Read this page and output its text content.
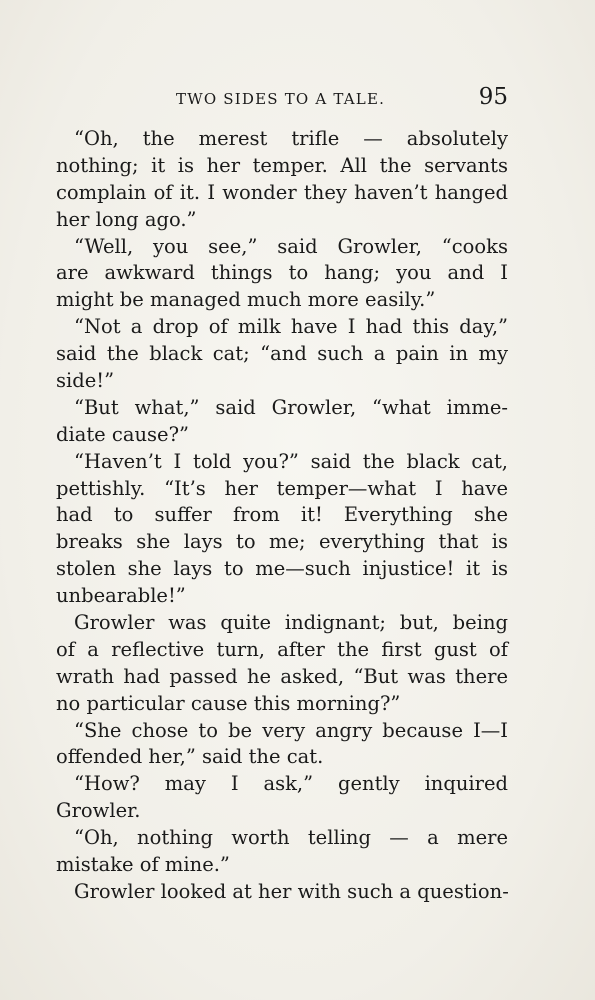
TWO SIDES TO A TALE.	95
“Oh, the merest trifle — absolutely
nothing; it is her temper. All the servants
complain of it. I wonder they haven’t hanged
her long ago.”
“Well, you see,” said Growler, “cooks
are awkward things to hang; you and I
might be managed much more easily.”
“Not a drop of milk have I had this day,”
said the black cat; “and such a pain in my
side!”
“But what,” said Growler, “what imme-
diate cause?”
“Haven’t I told you?” said the black cat,
pettishly. “It’s her temper—what I have
had to suffer from it! Everything she
breaks she lays to me; everything that is
stolen she lays to me—such injustice! it is
unbearable!”
Growler was quite indignant; but, being
of a reflective turn, after the first gust of
wrath had passed he asked, “But was there
no particular cause this morning?”
“She chose to be very angry because I—I
offended her,” said the cat.
“How? may I ask,” gently inquired
Growler.
“Oh, nothing worth telling — a mere
mistake of mine.”
Growler looked at her with such a question-
